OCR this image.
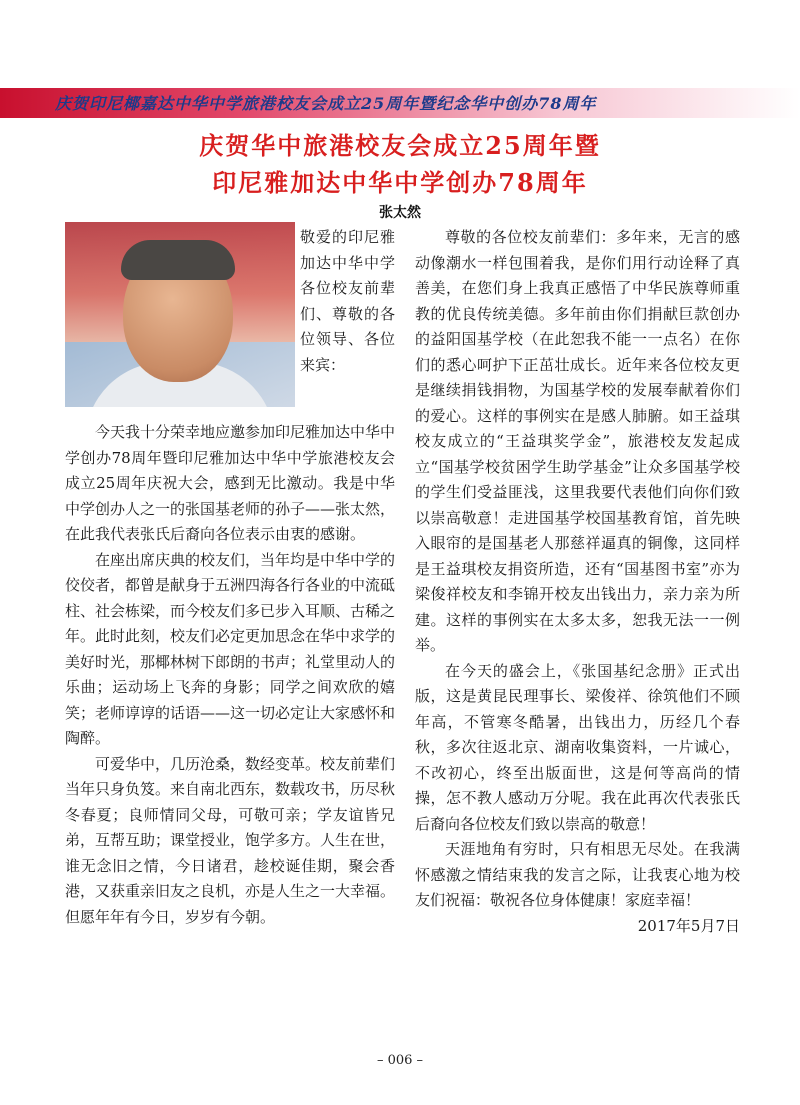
庆贺印尼椰嘉达中华中学旅港校友会成立25周年暨纪念华中创办78周年
庆贺华中旅港校友会成立25周年暨
印尼雅加达中华中学创办78周年
张太然

敬爱的印尼雅加达中华中学各位校友前辈们、尊敬的各位领导、各位来宾：

今天我十分荣幸地应邀参加印尼雅加达中华中学创办78周年暨印尼雅加达中华中学旅港校友会成立25周年庆祝大会，感到无比激动。我是中华中学创办人之一的张国基老师的孙子——张太然，在此我代表张氏后裔向各位表示由衷的感谢。

在座出席庆典的校友们，当年均是中华中学的佼佼者，都曾是献身于五洲四海各行各业的中流砥柱、社会栋梁，而今校友们多已步入耳顺、古稀之年。此时此刻，校友们必定更加思念在华中求学的美好时光，那椰林树下郎朗的书声；礼堂里动人的乐曲；运动场上飞奔的身影；同学之间欢欣的嬉笑；老师谆谆的话语——这一切必定让大家感怀和陶醉。

可爱华中，几历沧桑，数经变革。校友前辈们当年只身负笈。来自南北西东，数载攻书，历尽秋冬春夏；良师情同父母，可敬可亲；学友谊皆兄弟，互帮互助；课堂授业，饱学多方。人生在世，谁无念旧之情，今日诸君，趁校诞佳期，聚会香港，又获重亲旧友之良机，亦是人生之一大幸福。但愿年年有今日，岁岁有今朝。

尊敬的各位校友前辈们：多年来，无言的感动像潮水一样包围着我，是你们用行动诠释了真善美，在您们身上我真正感悟了中华民族尊师重教的优良传统美德。多年前由你们捐献巨款创办的益阳国基学校（在此恕我不能一一点名）在你们的悉心呵护下正茁壮成长。近年来各位校友更是继续捐钱捐物，为国基学校的发展奉献着你们的爱心。这样的事例实在是感人肺腑。如王益琪校友成立的“王益琪奖学金”，旅港校友发起成立“国基学校贫困学生助学基金”让众多国基学校的学生们受益匪浅，这里我要代表他们向你们致以崇高敬意！走进国基学校国基教育馆，首先映入眼帘的是国基老人那慈祥逼真的铜像，这同样是王益琪校友捐资所造，还有“国基图书室”亦为梁俊祥校友和李锦开校友出钱出力，亲力亲为所建。这样的事例实在太多太多，恕我无法一一例举。

在今天的盛会上，《张国基纪念册》正式出版，这是黄昆民理事长、梁俊祥、徐筑他们不顾年高，不管寒冬酷暑，出钱出力，历经几个春秋，多次往返北京、湖南收集资料，一片诚心，不改初心，终至出版面世，这是何等高尚的情操，怎不教人感动万分呢。我在此再次代表张氏后裔向各位校友们致以崇高的敬意！

天涯地角有穷时，只有相思无尽处。在我满怀感激之情结束我的发言之际，让我衷心地为校友们祝福：敬祝各位身体健康！家庭幸福！

2017年5月7日

– 006 –
